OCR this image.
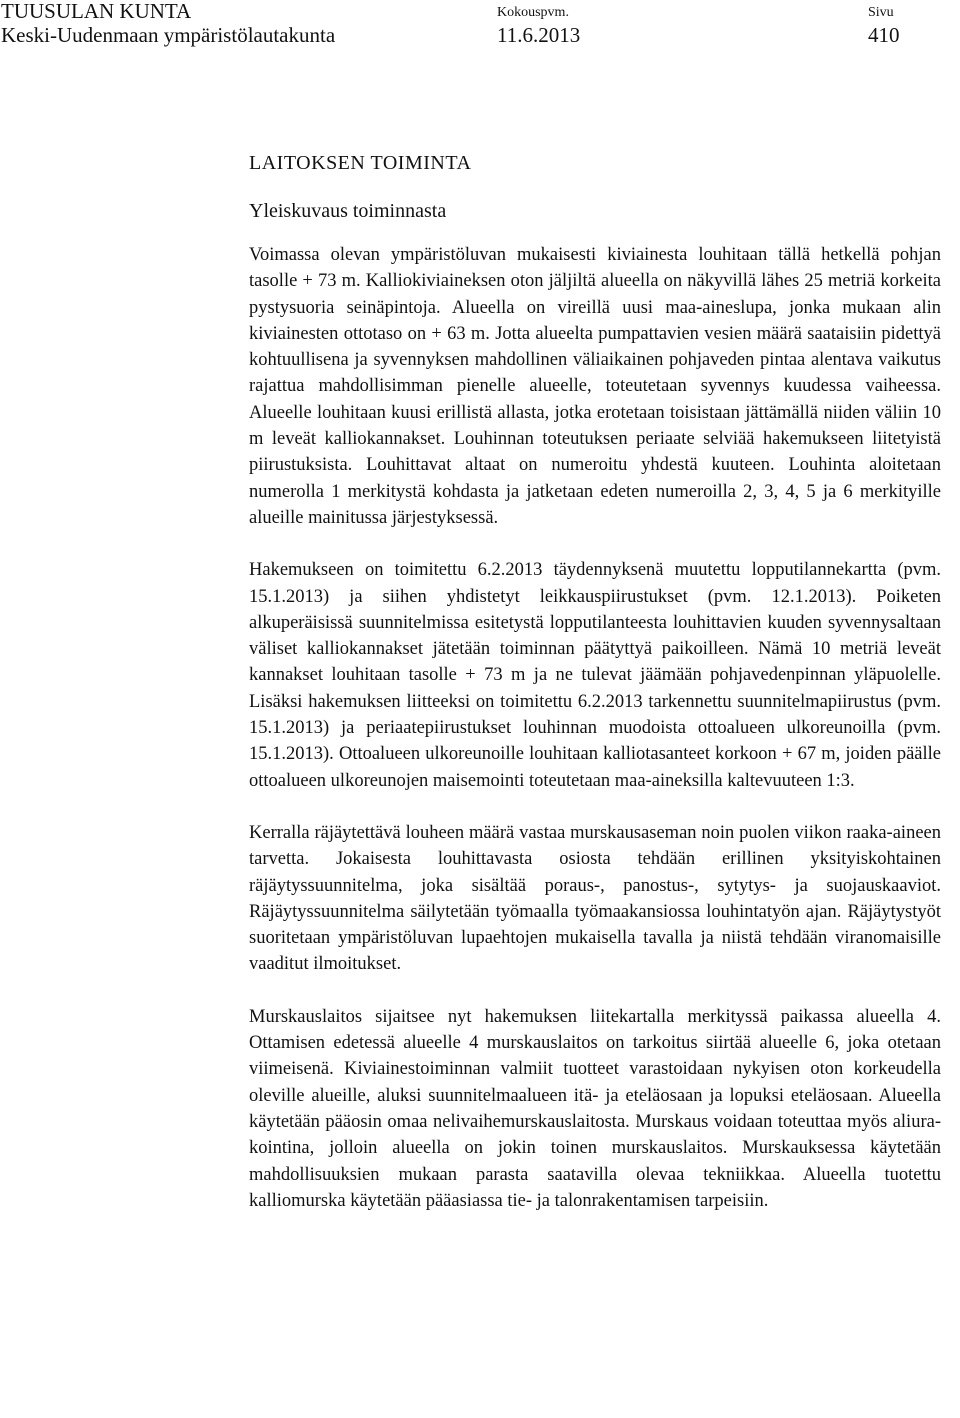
TUUSULAN KUNTA
Keski-Uudenmaan ympäristölautakunta
Kokouspvm.
11.6.2013
Sivu
410
LAITOKSEN TOIMINTA
Yleiskuvaus toiminnasta

Voimassa olevan ympäristöluvan mukaisesti kiviainesta louhitaan tällä hetkellä pohjan tasolle + 73 m. Kalliokiviaineksen oton jäljiltä alueella on näkyvillä lähes 25 metriä korkeita pystysuoria seinäpintoja. Alueella on vireillä uusi maa-aineslupa, jonka mukaan alin kiviainesten ottotaso on + 63 m. Jotta alueelta pumpattavien vesien määrä saataisiin pidettyä kohtuullisena ja syvennyksen mahdollinen väliaikainen pohjaveden pintaa alentava vaikutus rajattua mahdollisimman pienelle alueelle, toteutetaan syvennys kuudessa vaiheessa. Alueelle louhitaan kuusi erillistä allasta, jotka erotetaan toisistaan jättämällä niiden väliin 10 m leveät kalliokannakset. Louhinnan toteutuksen periaate selviää hakemukseen liitetyistä piirustuksista. Louhittavat altaat on numeroitu yhdestä kuuteen. Louhinta aloitetaan numerolla 1 merkitystä kohdasta ja jatketaan edeten numeroilla 2, 3, 4, 5 ja 6 merkityille alueille mainitussa järjestyksessä.

Hakemukseen on toimitettu 6.2.2013 täydennyksenä muutettu lopputilannekartta (pvm. 15.1.2013) ja siihen yhdistetyt leikkauspiirustukset (pvm. 12.1.2013). Poiketen alkuperäisissä suunnitelmissa esitetystä lopputilanteesta louhittavien kuuden syvennysaltaan väliset kalliokannakset jätetään toiminnan päätyttyä paikoilleen. Nämä 10 metriä leveät kannakset louhitaan tasolle + 73 m ja ne tulevat jäämään pohjavedenpinnan yläpuolelle. Lisäksi hakemuksen liitteeksi on toimitettu 6.2.2013 tarkennettu suunnitelmapiirustus (pvm. 15.1.2013) ja periaatepiirustukset louhinnan muodoista ottoalueen ulkoreunoilla (pvm. 15.1.2013). Ottoalueen ulkoreunoille louhitaan kalliotasanteet korkoon + 67 m, joiden päälle ottoalueen ulkoreunojen maisemointi toteutetaan maa-aineksilla kaltevuuteen 1:3.

Kerralla räjäytettävä louheen määrä vastaa murskausaseman noin puolen viikon raaka-aineen tarvetta. Jokaisesta louhittavasta osiosta tehdään erillinen yksityiskohtainen räjäytyssuunnitelma, joka sisältää poraus-, panostus-, sytytys- ja suojauskaaviot. Räjäytyssuunnitelma säilytetään työmaalla työmaakansiossa louhintatyön ajan. Räjäytystyöt suoritetaan ympäristöluvan lupaehtojen mukaisella tavalla ja niistä tehdään viranomaisille vaaditut ilmoitukset.

Murskauslaitos sijaitsee nyt hakemuksen liitekartalla merkityssä paikassa alueella 4. Ottamisen edetessä alueelle 4 murskauslaitos on tarkoitus siirtää alueelle 6, joka otetaan viimeisenä. Kiviainestoiminnan valmiit tuotteet varastoidaan nykyisen oton korkeudella oleville alueille, aluksi suunnitelmaalueen itä- ja eteläosaan ja lopuksi eteläosaan. Alueella käytetään pääosin omaa nelivaihemurskauslaitosta. Murskaus voidaan toteuttaa myös aliurakointina, jolloin alueella on jokin toinen murskauslaitos. Murskauksessa käytetään mahdollisuuksien mukaan parasta saatavilla olevaa tekniikkaa. Alueella tuotettu kalliomurska käytetään pääasiassa tie- ja talonrakentamisen tarpeisiin.
